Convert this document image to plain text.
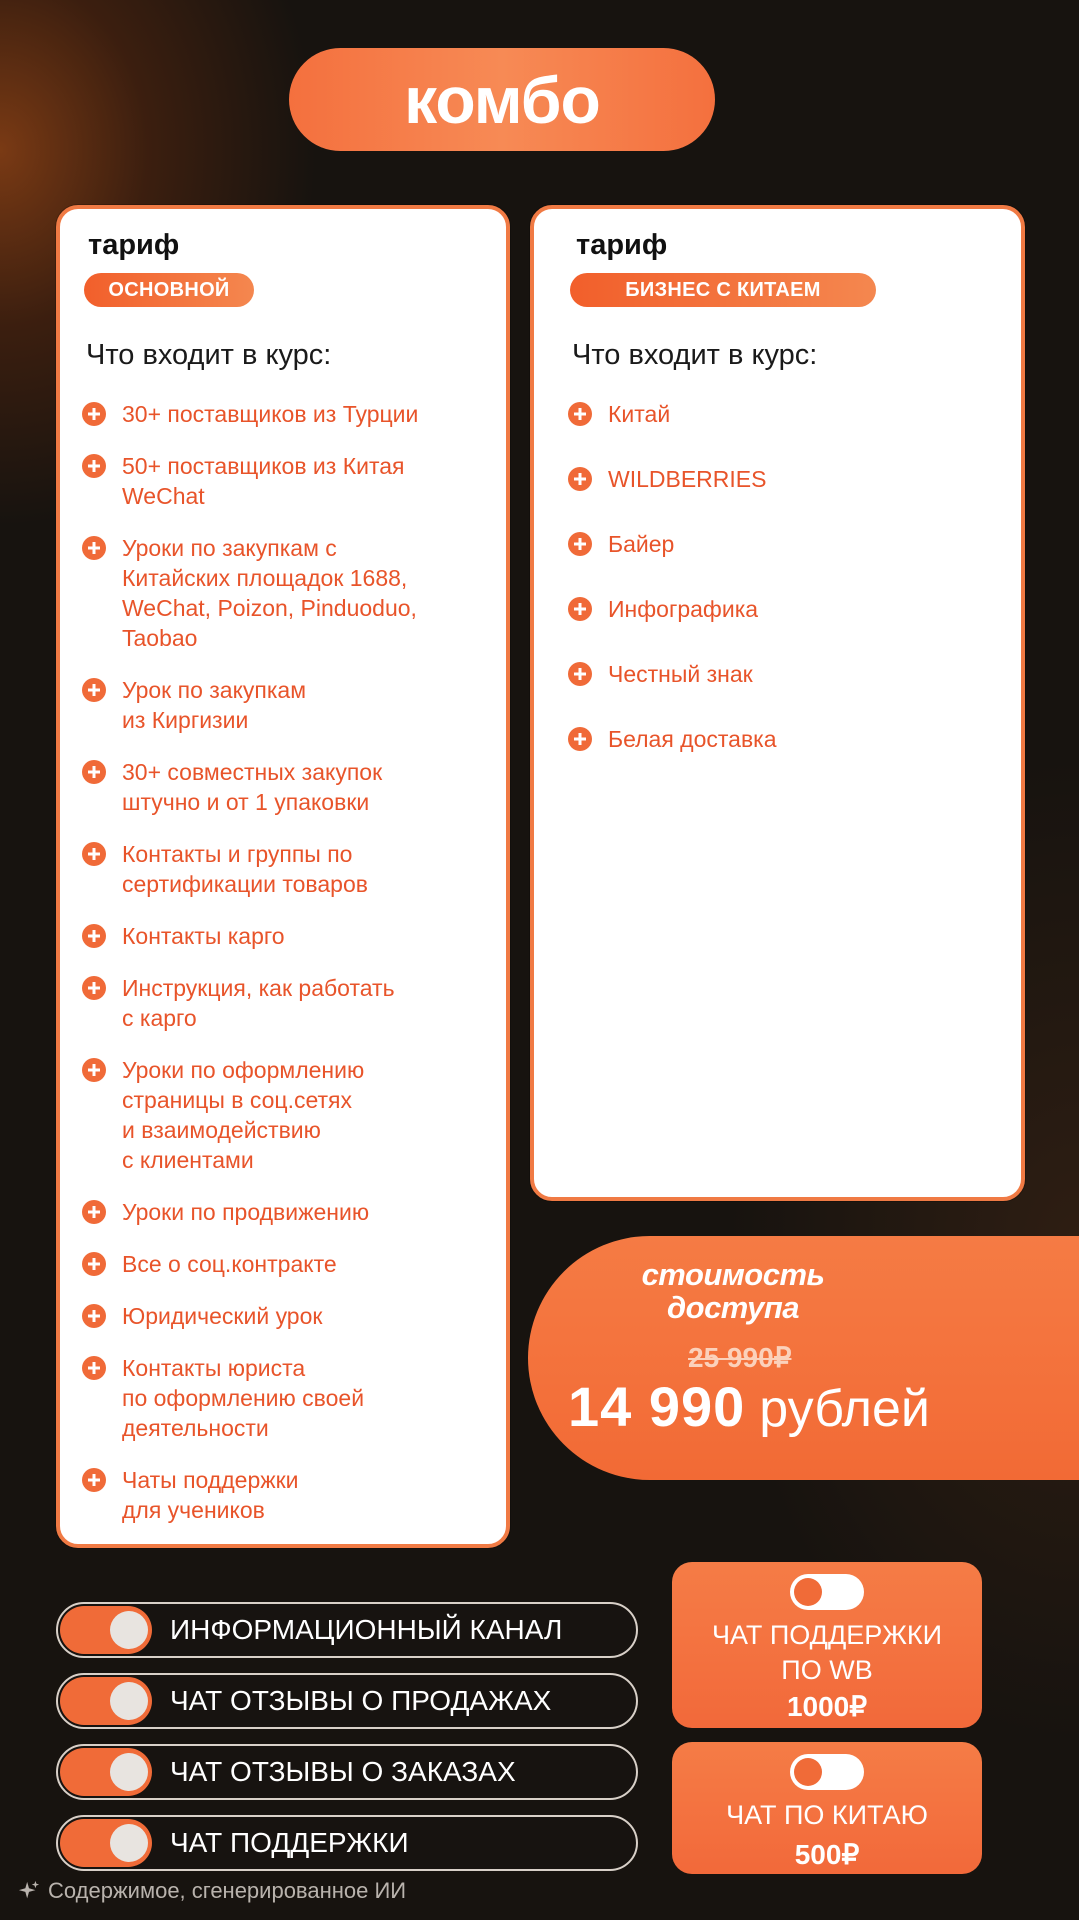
комбо
тариф
ОСНОВНОЙ
Что входит в курс:
30+ поставщиков из Турции
50+ поставщиков из Китая
WeChat
Уроки по закупкам с
Китайских площадок 1688,
WeChat, Poizon, Pinduoduo,
Taobao
Урок по закупкам
из Киргизии
30+ совместных закупок
штучно и от 1 упаковки
Контакты и группы по
сертификации товаров
Контакты карго
Инструкция, как работать
с карго
Уроки по оформлению
страницы в соц.сетях
и взаимодействию
с клиентами
Уроки по продвижению
Все о соц.контракте
Юридический урок
Контакты юриста
по оформлению своей
деятельности
Чаты поддержки
для учеников
тариф
БИЗНЕС С КИТАЕМ
Что входит в курс:
Китай
WILDBERRIES
Байер
Инфографика
Честный знак
Белая доставка
стоимость
доступа
25 990₽
14 990 рублей
ИНФОРМАЦИОННЫЙ КАНАЛ
ЧАТ ОТЗЫВЫ О ПРОДАЖАХ
ЧАТ ОТЗЫВЫ О ЗАКАЗАХ
ЧАТ ПОДДЕРЖКИ
ЧАТ ПОДДЕРЖКИ
ПО WB
1000₽
ЧАТ ПО КИТАЮ
500₽
Содержимое, сгенерированное ИИ
